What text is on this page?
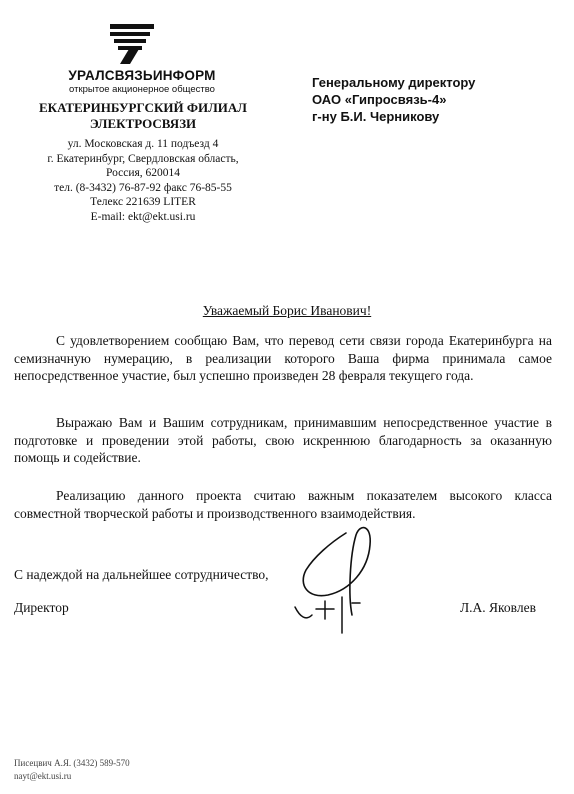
УРАЛСВЯЗЬИНФОРМ
открытое акционерное общество
ЕКАТЕРИНБУРГСКИЙ ФИЛИАЛ
ЭЛЕКТРОСВЯЗИ
ул. Московская д. 11 подъезд 4
г. Екатеринбург, Свердловская область,
Россия, 620014
тел. (8-3432) 76-87-92 факс 76-85-55
Телекс 221639 LITER
E-mail: ekt@ekt.usi.ru
Генеральному директору
ОАО «Гипросвязь-4»
г-ну Б.И. Черникову
Уважаемый Борис Иванович!
С удовлетворением сообщаю Вам, что перевод сети связи города Екатеринбурга на семизначную нумерацию, в реализации которого Ваша фирма принимала самое непосредственное участие, был успешно произведен 28 февраля текущего года.
Выражаю Вам и Вашим сотрудникам, принимавшим непосредственное участие в подготовке и проведении этой работы, свою искреннюю благодарность за оказанную помощь и содействие.
Реализацию данного проекта считаю важным показателем высокого класса совместной творческой работы и производственного взаимодействия.
С надеждой на дальнейшее сотрудничество,
Директор	Л.А. Яковлев
Писецвич А.Я. (3432) 589-570
nayt@ekt.usi.ru
